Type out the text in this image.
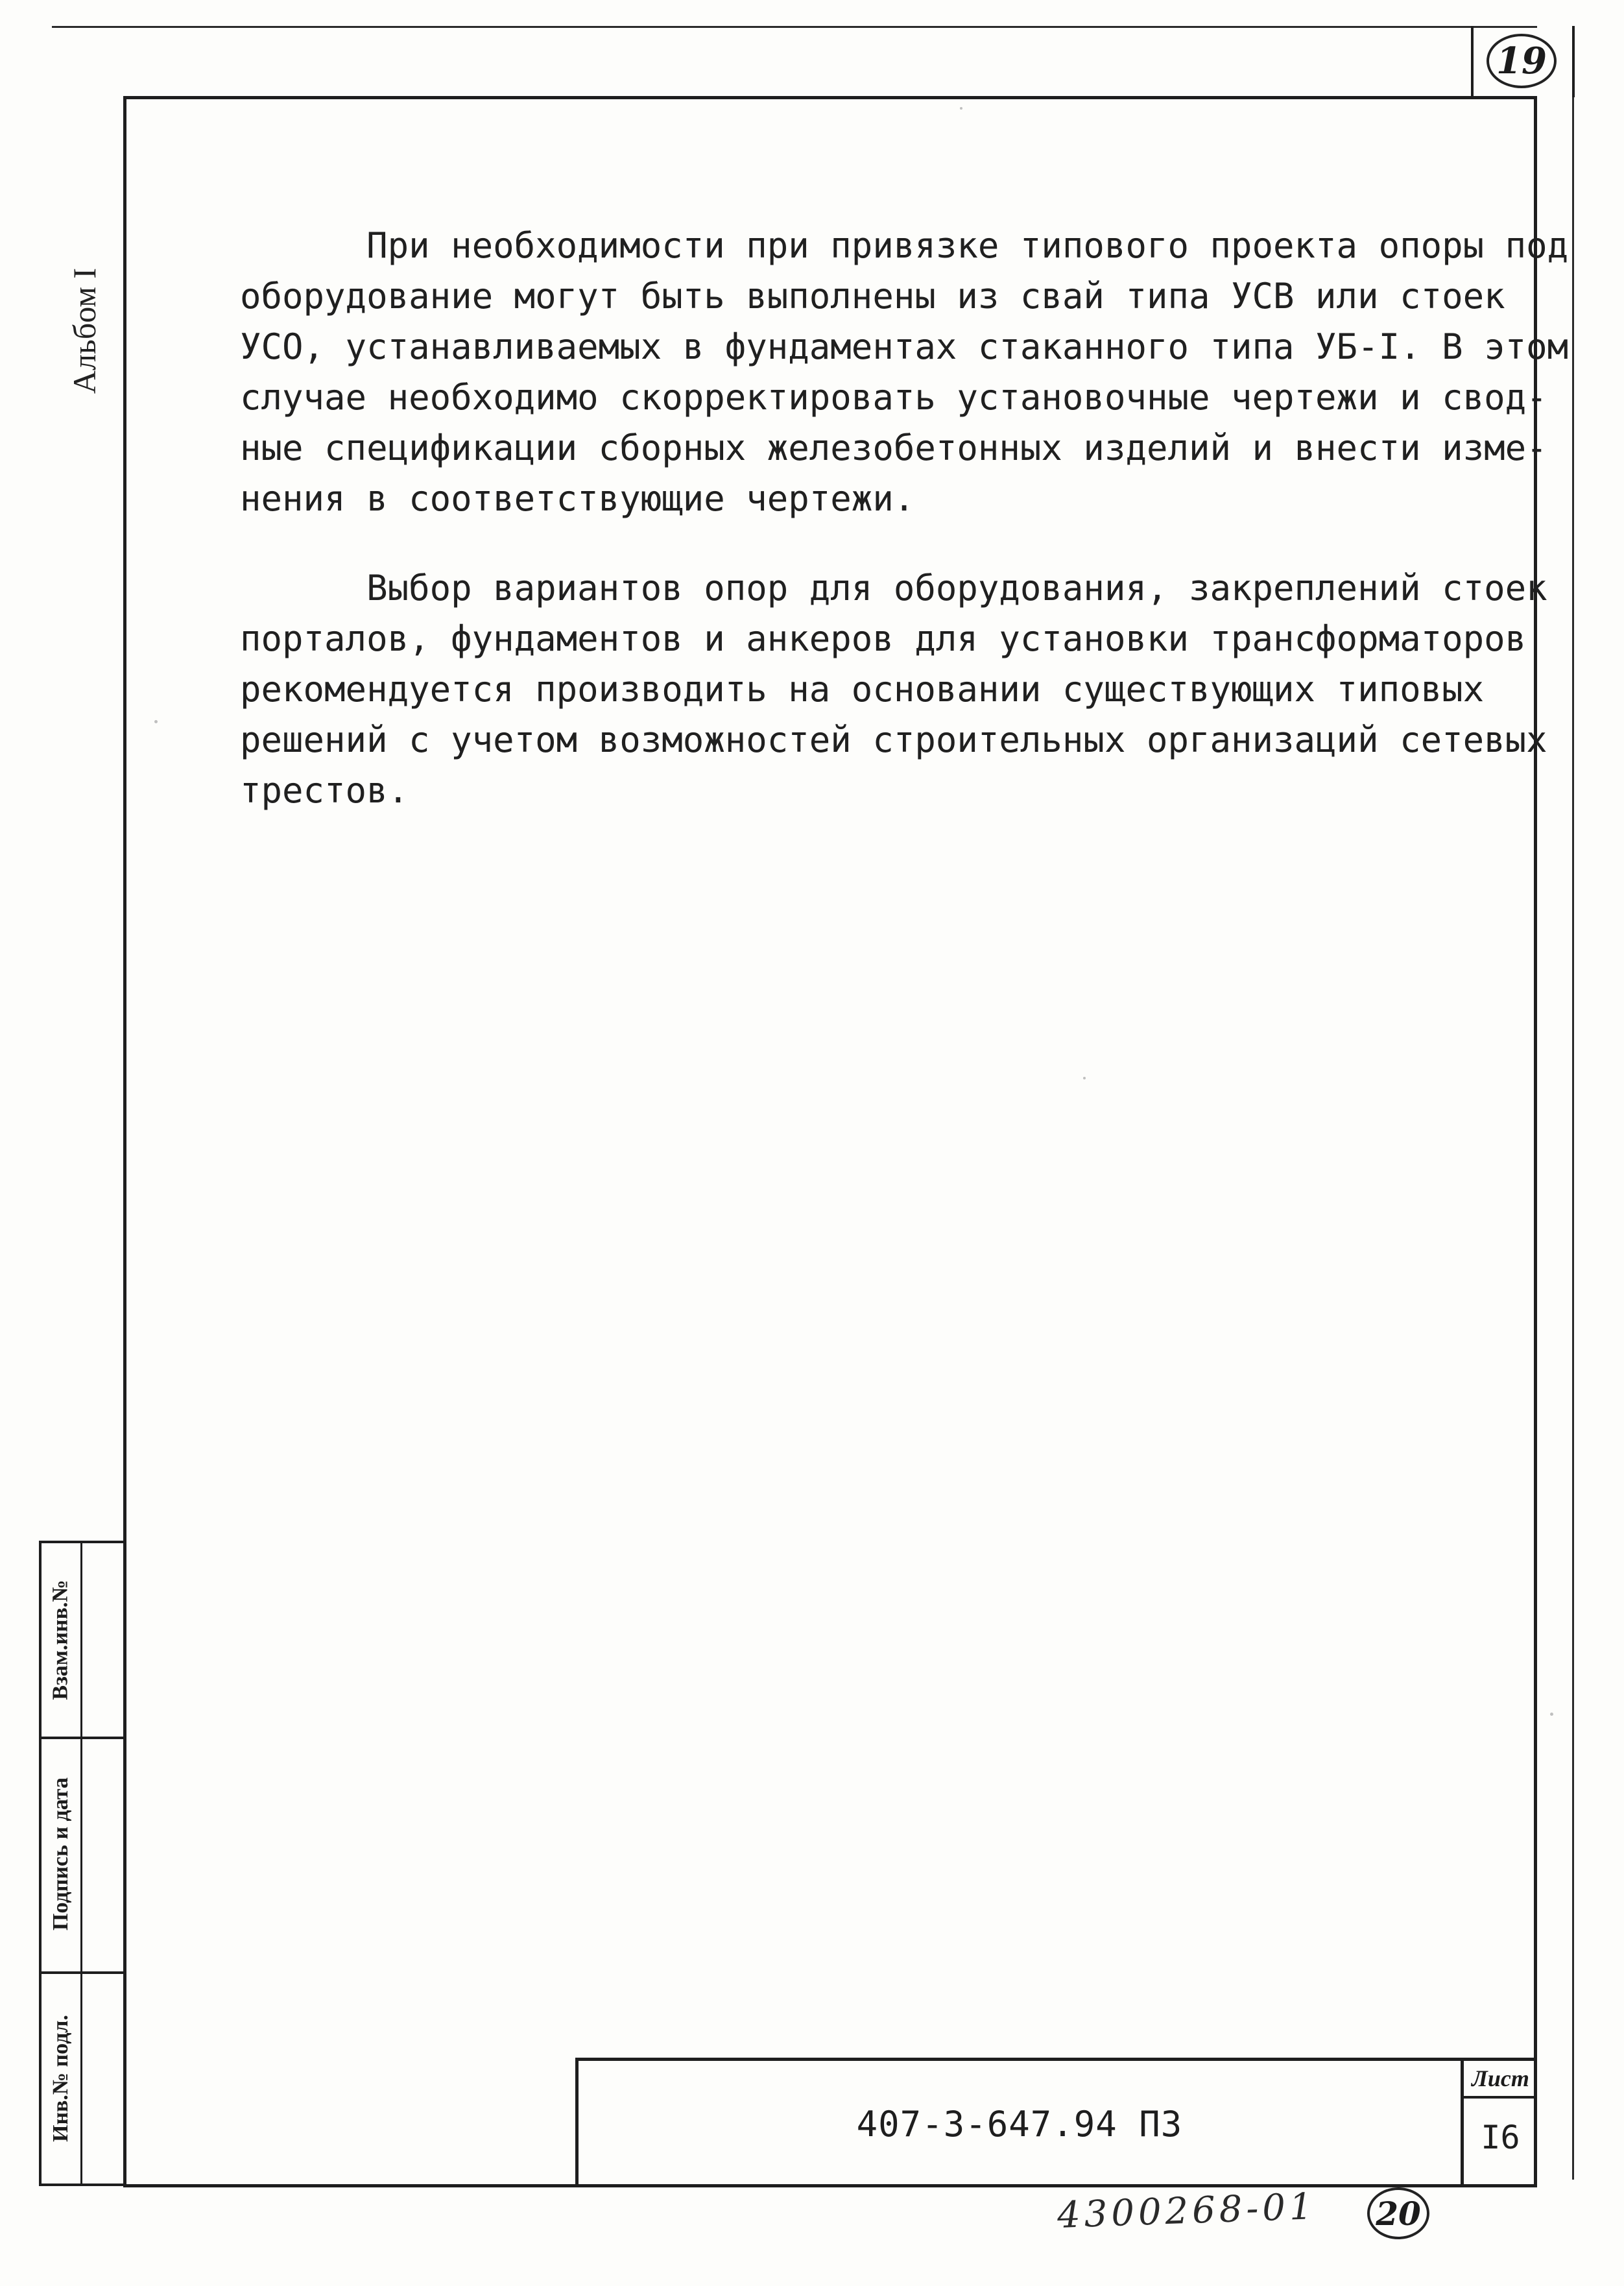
19
Альбом I
Взам.инв.№
Подпись и дата
Инв.№ подл.

При необходимости при привязке типового проекта опоры под
оборудование могут быть выполнены из свай типа УСВ или стоек
УСО, устанавливаемых в фундаментах стаканного типа УБ-I. В этом
случае необходимо скорректировать установочные чертежи и свод-
ные спецификации сборных железобетонных изделий и внести изме-
нения в соответствующие чертежи.

Выбор вариантов опор для оборудования, закреплений стоек
порталов, фундаментов и анкеров для установки трансформаторов
рекомендуется производить на основании существующих типовых
решений с учетом возможностей строительных организаций сетевых
трестов.

407-3-647.94 ПЗ
Лист
I6
4300268-01 20
